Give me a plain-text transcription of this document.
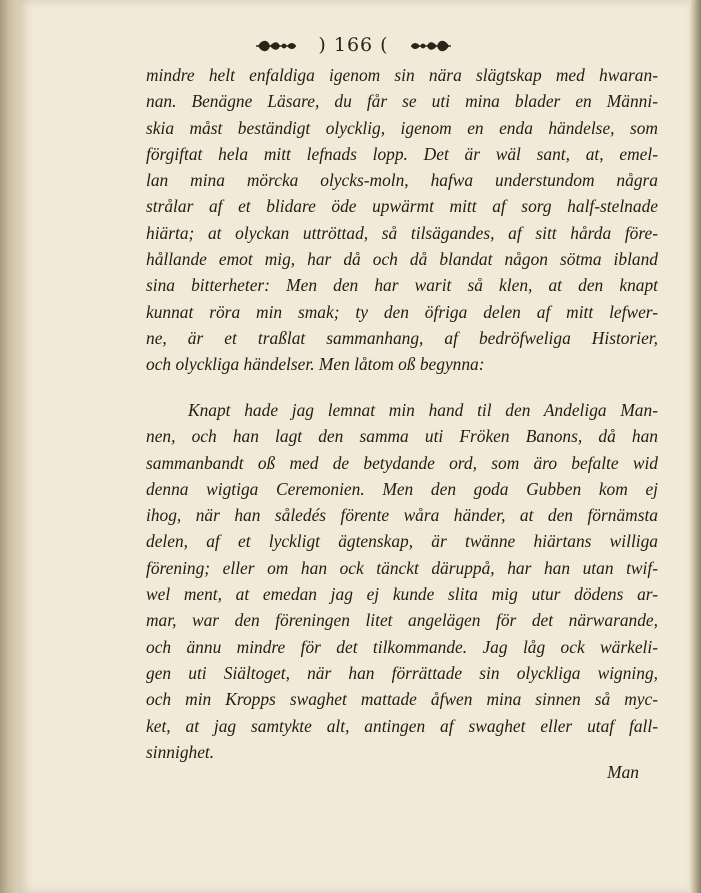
) 166 (
mindre helt enfaldiga igenom sin nära slägtskap med hwaran-
nan. Benägne Läsare, du får se uti mina blader en Männi-
skia måst beständigt olycklig, igenom en enda händelse, som
förgiftat hela mitt lefnads lopp. Det är wäl sant, at, emel-
lan mina mörcka olycks-moln, hafwa understundom några
strålar af et blidare öde upwärmt mitt af sorg half-stelnade
hiärta; at olyckan uttröttad, så tilsägandes, af sitt hårda före-
hållande emot mig, har då och då blandat någon sötma ibland
sina bitterheter: Men den har warit så klen, at den knapt
kunnat röra min smak; ty den öfriga delen af mitt lefwer-
ne, är et traßlat sammanhang, af bedröfweliga Historier,
och olyckliga händelser. Men låtom oß begynna:
Knapt hade jag lemnat min hand til den Andeliga Man-
nen, och han lagt den samma uti Fröken Banons, då han
sammanbandt oß med de betydande ord, som äro befalte wid
denna wigtiga Ceremonien. Men den goda Gubben kom ej
ihog, när han såledés förente wåra händer, at den förnämsta
delen, af et lyckligt ägtenskap, är twänne hiärtans williga
förening; eller om han ock tänckt däruppå, har han utan twif-
wel ment, at emedan jag ej kunde slita mig utur dödens ar-
mar, war den föreningen litet angelägen för det närwarande,
och ännu mindre för det tilkommande. Jag låg ock wärkeli-
gen uti Siältoget, när han förrättade sin olyckliga wigning,
och min Kropps swaghet mattade åfwen mina sinnen så myc-
ket, at jag samtykte alt, antingen af swaghet eller utaf fall-
sinnighet.
Man
